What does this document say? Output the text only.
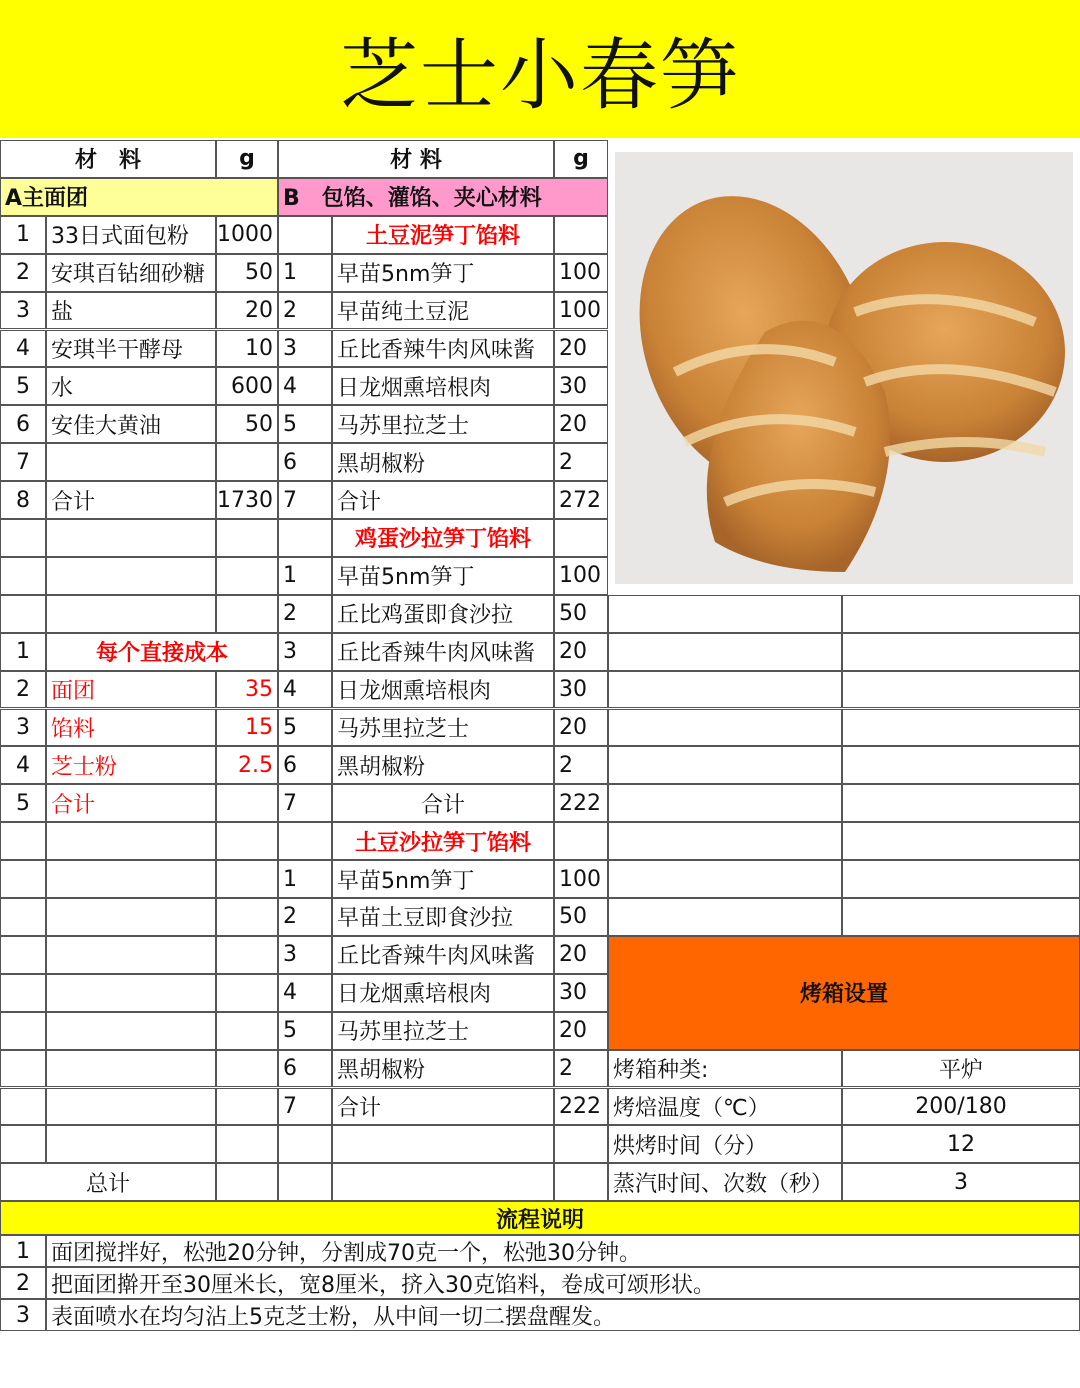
芝士小春笋
材　料	g	材 料	g
A主面团	B　包馅、灌馅、夹心材料
1 33日式面包粉	1000
2 安琪百钻细砂糖	50
3 盐	20
4 安琪半干酵母	10
5 水	600
6 安佳大黄油	50
7
8 合计	1730
1	每个直接成本
2 面团	35
3 馅料	15
4 芝士粉	2.5
5 合计
总计
土豆泥笋丁馅料
1	早苗5nm笋丁	100
2	早苗纯土豆泥	100
3	丘比香辣牛肉风味酱	20
4	日龙烟熏培根肉	30
5	马苏里拉芝士	20
6	黑胡椒粉	2
7	合计	272
鸡蛋沙拉笋丁馅料
1	早苗5nm笋丁	100
2	丘比鸡蛋即食沙拉	50
3	丘比香辣牛肉风味酱	20
4	日龙烟熏培根肉	30
5	马苏里拉芝士	20
6	黑胡椒粉	2
7	合计	222
土豆沙拉笋丁馅料
1	早苗5nm笋丁	100
2	早苗土豆即食沙拉	50
3	丘比香辣牛肉风味酱	20
4	日龙烟熏培根肉	30
5	马苏里拉芝士	20
6	黑胡椒粉	2
7	合计	222
烤箱设置
烤箱种类:	平炉
烤焙温度（℃）	200/180
烘烤时间（分）	12
蒸汽时间、次数（秒）	3
流程说明
1 面团搅拌好，松弛20分钟，分割成70克一个，松弛30分钟。
2 把面团擀开至30厘米长，宽8厘米，挤入30克馅料，卷成可颂形状。
3 表面喷水在均匀沾上5克芝士粉，从中间一切二摆盘醒发。
